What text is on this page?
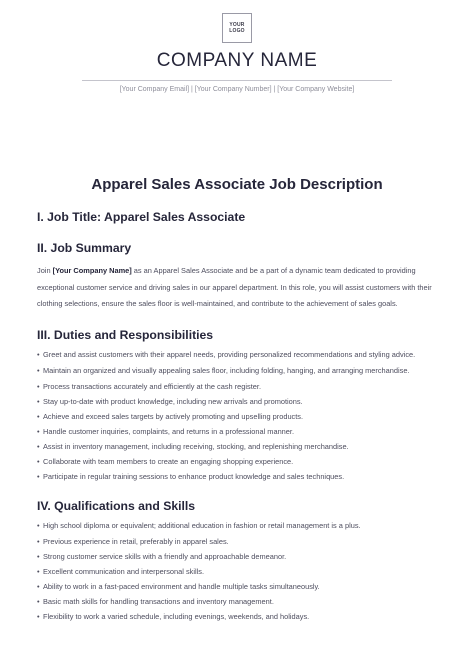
YOUR
LOGO
COMPANY NAME
[Your Company Email] | [Your Company Number] | [Your Company Website]
Apparel Sales Associate Job Description
I. Job Title: Apparel Sales Associate
II. Job Summary

Join [Your Company Name] as an Apparel Sales Associate and be a part of a dynamic team dedicated to providing exceptional customer service and driving sales in our apparel department. In this role, you will assist customers with their clothing selections, ensure the sales floor is well-maintained, and contribute to the achievement of sales goals.

III. Duties and Responsibilities
• Greet and assist customers with their apparel needs, providing personalized recommendations and styling advice.
• Maintain an organized and visually appealing sales floor, including folding, hanging, and arranging merchandise.
• Process transactions accurately and efficiently at the cash register.
• Stay up-to-date with product knowledge, including new arrivals and promotions.
• Achieve and exceed sales targets by actively promoting and upselling products.
• Handle customer inquiries, complaints, and returns in a professional manner.
• Assist in inventory management, including receiving, stocking, and replenishing merchandise.
• Collaborate with team members to create an engaging shopping experience.
• Participate in regular training sessions to enhance product knowledge and sales techniques.
IV. Qualifications and Skills
• High school diploma or equivalent; additional education in fashion or retail management is a plus.
• Previous experience in retail, preferably in apparel sales.
• Strong customer service skills with a friendly and approachable demeanor.
• Excellent communication and interpersonal skills.
• Ability to work in a fast-paced environment and handle multiple tasks simultaneously.
• Basic math skills for handling transactions and inventory management.
• Flexibility to work a varied schedule, including evenings, weekends, and holidays.
